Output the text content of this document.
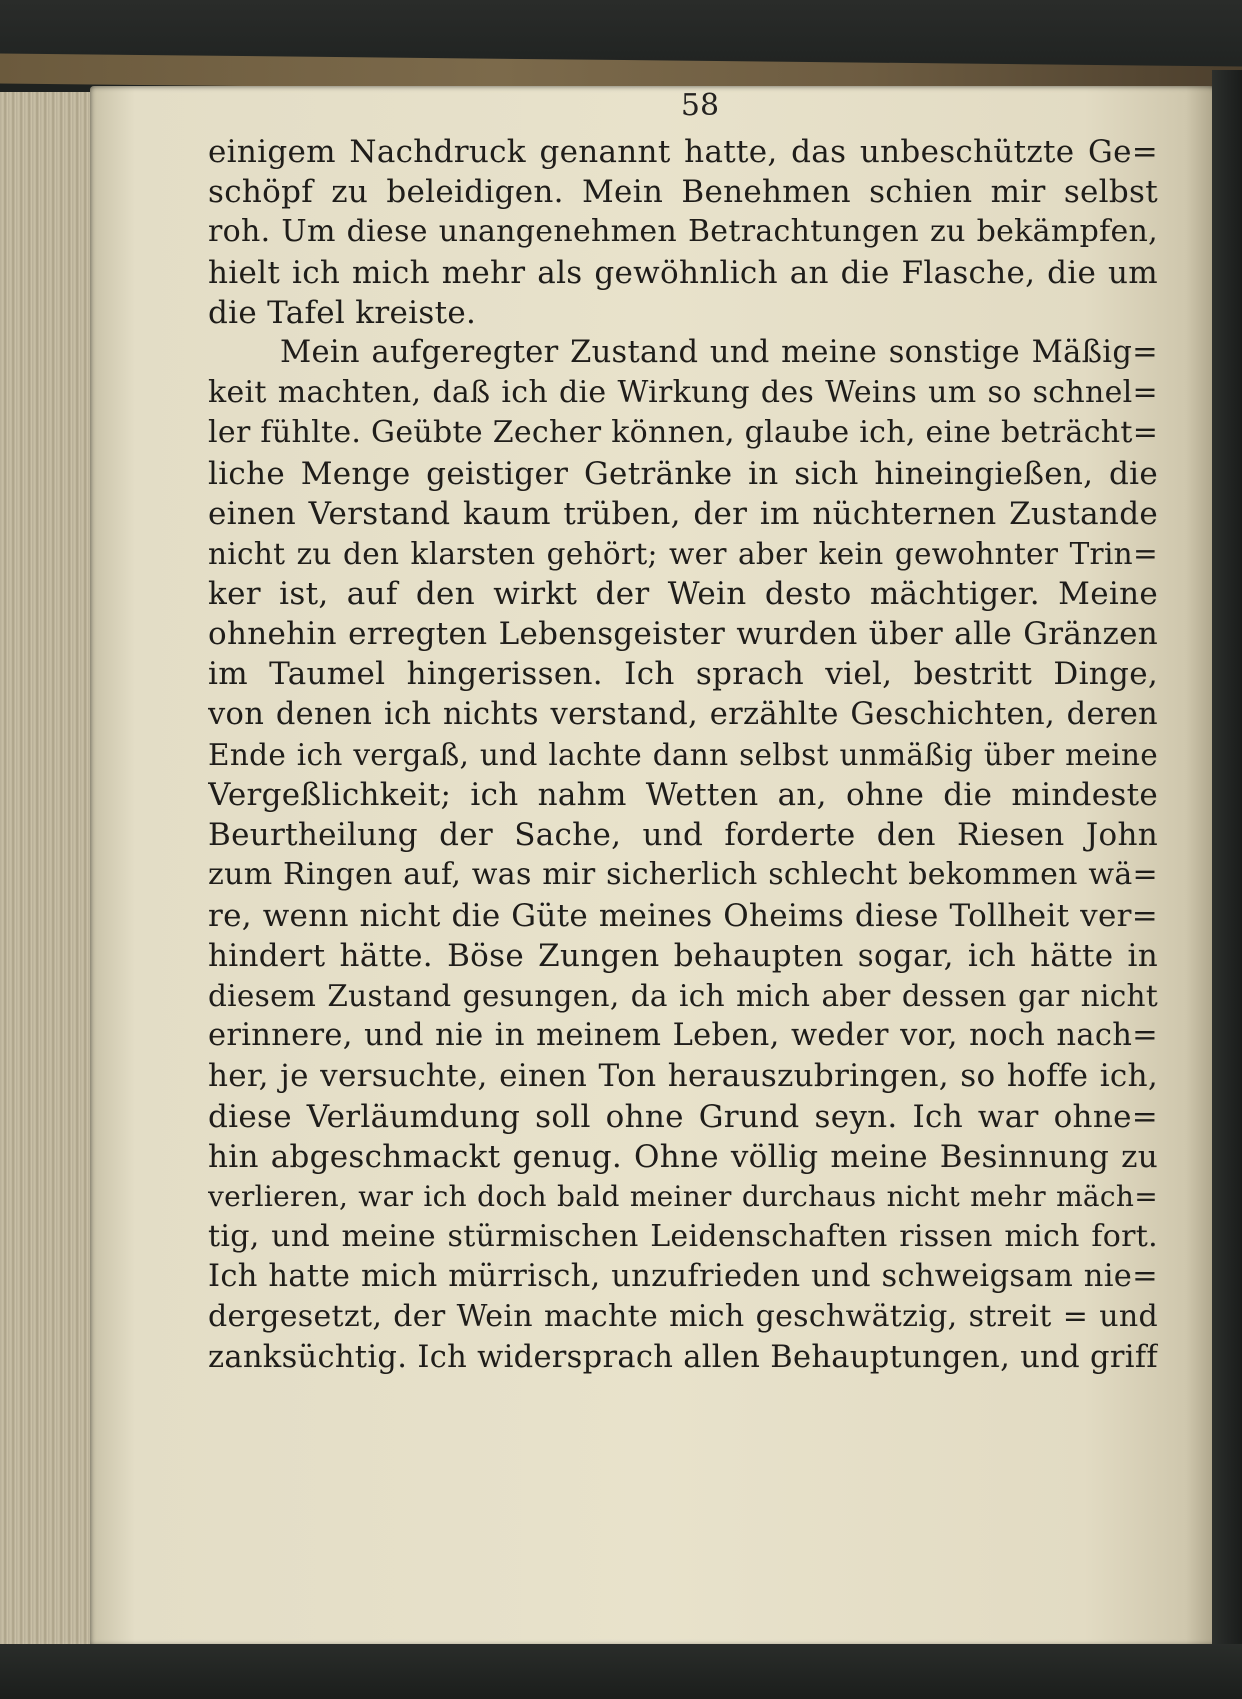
58
einigem Nachdruck genannt hatte, das unbeschützte Ge=
schöpf zu beleidigen. Mein Benehmen schien mir selbst
roh. Um diese unangenehmen Betrachtungen zu bekämpfen,
hielt ich mich mehr als gewöhnlich an die Flasche, die um
die Tafel kreiste.
Mein aufgeregter Zustand und meine sonstige Mäßig=
keit machten, daß ich die Wirkung des Weins um so schnel=
ler fühlte. Geübte Zecher können, glaube ich, eine beträcht=
liche Menge geistiger Getränke in sich hineingießen, die
einen Verstand kaum trüben, der im nüchternen Zustande
nicht zu den klarsten gehört; wer aber kein gewohnter Trin=
ker ist, auf den wirkt der Wein desto mächtiger. Meine
ohnehin erregten Lebensgeister wurden über alle Gränzen
im Taumel hingerissen. Ich sprach viel, bestritt Dinge,
von denen ich nichts verstand, erzählte Geschichten, deren
Ende ich vergaß, und lachte dann selbst unmäßig über meine
Vergeßlichkeit; ich nahm Wetten an, ohne die mindeste
Beurtheilung der Sache, und forderte den Riesen John
zum Ringen auf, was mir sicherlich schlecht bekommen wä=
re, wenn nicht die Güte meines Oheims diese Tollheit ver=
hindert hätte. Böse Zungen behaupten sogar, ich hätte in
diesem Zustand gesungen, da ich mich aber dessen gar nicht
erinnere, und nie in meinem Leben, weder vor, noch nach=
her, je versuchte, einen Ton herauszubringen, so hoffe ich,
diese Verläumdung soll ohne Grund seyn. Ich war ohne=
hin abgeschmackt genug. Ohne völlig meine Besinnung zu
verlieren, war ich doch bald meiner durchaus nicht mehr mäch=
tig, und meine stürmischen Leidenschaften rissen mich fort.
Ich hatte mich mürrisch, unzufrieden und schweigsam nie=
dergesetzt, der Wein machte mich geschwätzig, streit = und
zanksüchtig. Ich widersprach allen Behauptungen, und griff
